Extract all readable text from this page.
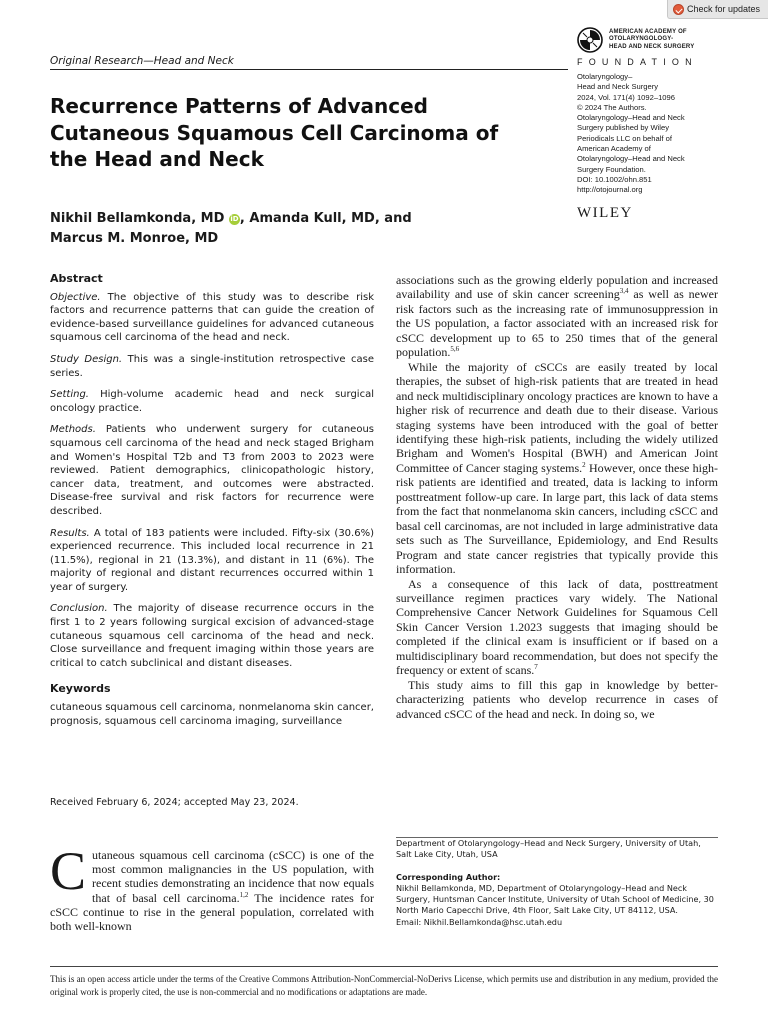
Check for updates
Original Research—Head and Neck
AMERICAN ACADEMY OF
OTOLARYNGOLOGY-
HEAD AND NECK SURGERY
FOUNDATION
Otolaryngology–
Head and Neck Surgery
2024, Vol. 171(4) 1092–1096
© 2024 The Authors.
Otolaryngology–Head and Neck
Surgery published by Wiley
Periodicals LLC on behalf of
American Academy of
Otolaryngology–Head and Neck
Surgery Foundation.
DOI: 10.1002/ohn.851
http://otojournal.org
WILEY
Recurrence Patterns of Advanced Cutaneous Squamous Cell Carcinoma of the Head and Neck
Nikhil Bellamkonda, MD iD, Amanda Kull, MD, and Marcus M. Monroe, MD
Abstract

Objective. The objective of this study was to describe risk factors and recurrence patterns that can guide the creation of evidence-based surveillance guidelines for advanced cutaneous squamous cell carcinoma of the head and neck.

Study Design. This was a single-institution retrospective case series.

Setting. High-volume academic head and neck surgical oncology practice.

Methods. Patients who underwent surgery for cutaneous squamous cell carcinoma of the head and neck staged Brigham and Women's Hospital T2b and T3 from 2003 to 2023 were reviewed. Patient demographics, clinicopathologic history, cancer data, treatment, and outcomes were abstracted. Disease-free survival and risk factors for recurrence were described.

Results. A total of 183 patients were included. Fifty-six (30.6%) experienced recurrence. This included local recurrence in 21 (11.5%), regional in 21 (13.3%), and distant in 11 (6%). The majority of regional and distant recurrences occurred within 1 year of surgery.

Conclusion. The majority of disease recurrence occurs in the first 1 to 2 years following surgical excision of advanced-stage cutaneous squamous cell carcinoma of the head and neck. Close surveillance and frequent imaging within those years are critical to catch subclinical and distant diseases.

Keywords

cutaneous squamous cell carcinoma, nonmelanoma skin cancer, prognosis, squamous cell carcinoma imaging, surveillance

Received February 6, 2024; accepted May 23, 2024.
Cutaneous squamous cell carcinoma (cSCC) is one of the most common malignancies in the US population, with recent studies demonstrating an incidence that now equals that of basal cell carcinoma.$^{1,2}$ The incidence rates for cSCC continue to rise in the general population, correlated with both well-known

associations such as the growing elderly population and increased availability and use of skin cancer screening$^{3,4}$ as well as newer risk factors such as the increasing rate of immunosuppression in the US population, a factor associated with an increased risk for cSCC development up to 65 to 250 times that of the general population.$^{5,6}$

While the majority of cSCCs are easily treated by local therapies, the subset of high-risk patients that are treated in head and neck multidisciplinary oncology practices are known to have a higher risk of recurrence and death due to their disease. Various staging systems have been introduced with the goal of better identifying these high-risk patients, including the widely utilized Brigham and Women's Hospital (BWH) and American Joint Committee of Cancer staging systems.$^2$ However, once these high-risk patients are identified and treated, data is lacking to inform posttreatment follow-up care. In large part, this lack of data stems from the fact that nonmelanoma skin cancers, including cSCC and basal cell carcinomas, are not included in large administrative data sets such as The Surveillance, Epidemiology, and End Results Program and state cancer registries that typically provide this information.

As a consequence of this lack of data, posttreatment surveillance regimen practices vary widely. The National Comprehensive Cancer Network Guidelines for Squamous Cell Skin Cancer Version 1.2023 suggests that imaging should be completed if the clinical exam is insufficient or if based on a multidisciplinary board recommendation, but does not specify the frequency or extent of scans.$^7$

This study aims to fill this gap in knowledge by better-characterizing patients who develop recurrence in cases of advanced cSCC of the head and neck. In doing so, we

Department of Otolaryngology–Head and Neck Surgery, University of Utah, Salt Lake City, Utah, USA
Corresponding Author:
Nikhil Bellamkonda, MD, Department of Otolaryngology–Head and Neck Surgery, Huntsman Cancer Institute, University of Utah School of Medicine, 30 North Mario Capecchi Drive, 4th Floor, Salt Lake City, UT 84112, USA.
Email: Nikhil.Bellamkonda@hsc.utah.edu
This is an open access article under the terms of the Creative Commons Attribution-NonCommercial-NoDerivs License, which permits use and distribution in any medium, provided the original work is properly cited, the use is non-commercial and no modifications or adaptations are made.
